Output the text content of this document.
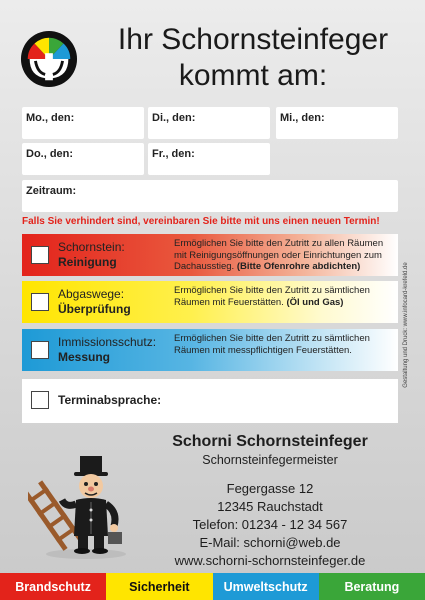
Ihr Schornsteinfeger
kommt am:
Mo., den:	Di., den:	Mi., den:
Do., den:	Fr., den:
Zeitraum:
Falls Sie verhindert sind, vereinbaren Sie bitte mit uns einen neuen Termin!
Schornstein:
Reinigung
Ermöglichen Sie bitte den Zutritt zu allen Räumen mit Reinigungsöffnungen oder Einrichtungen zum Dachausstieg. (Bitte Ofenrohre abdichten)
Abgaswege:
Überprüfung
Ermöglichen Sie bitte den Zutritt zu sämtlichen Räumen mit Feuerstätten. (Öl und Gas)
Immissionsschutz:
Messung
Ermöglichen Sie bitte den Zutritt zu sämtlichen Räumen mit messpflichtigen Feuerstätten.
Terminabsprache:
Gestaltung und Druck: www.infocard-krefeld.de
Schorni Schornsteinfeger
Schornsteinfegermeister
Fegergasse 12
12345 Rauchstadt
Telefon: 01234 - 12 34 567
E-Mail: schorni@web.de
www.schorni-schornsteinfeger.de
Brandschutz	Sicherheit	Umweltschutz	Beratung
